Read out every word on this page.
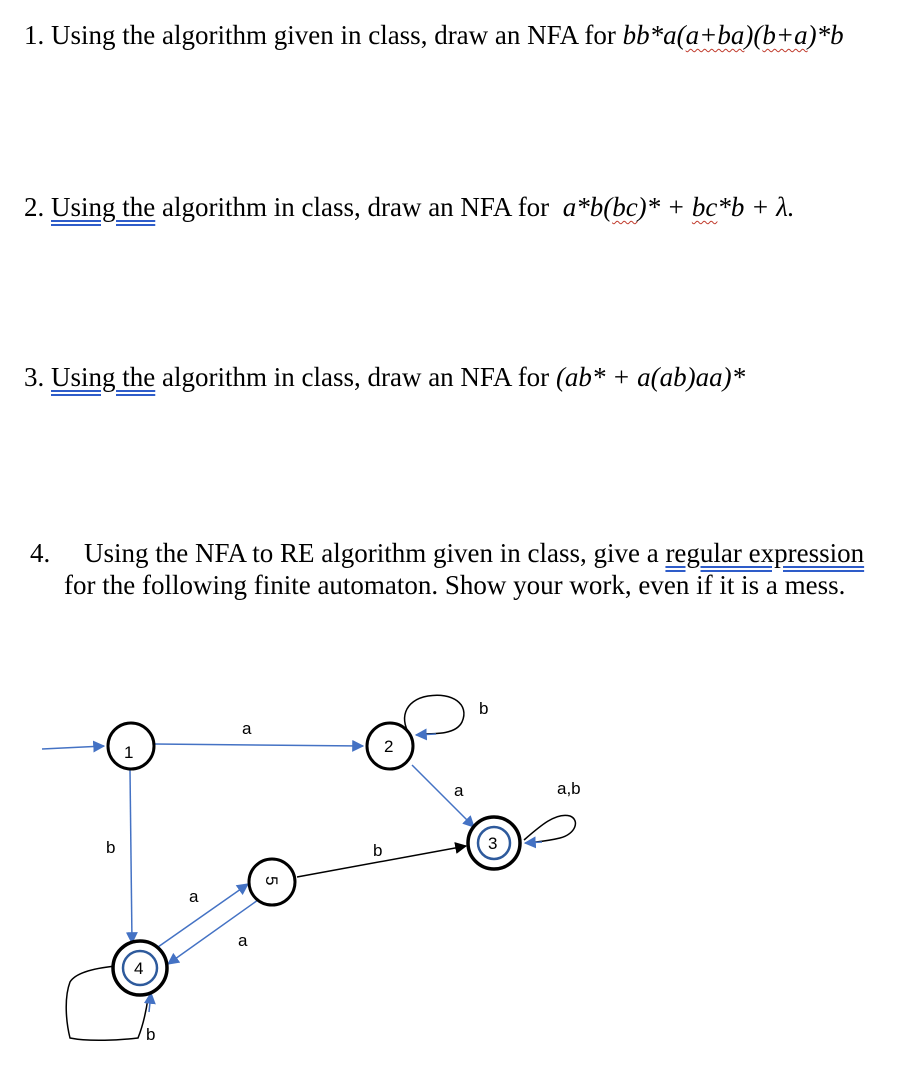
1. Using the algorithm given in class, draw an NFA for bb*a(a+ba)(b+a)*b
2. Using the algorithm in class, draw an NFA for a*b(bc)* + bc*b + λ.
3. Using the algorithm in class, draw an NFA for (ab* + a(ab)aa)*
4. Using the NFA to RE algorithm given in class, give a regular expression
for the following finite automaton. Show your work, even if it is a mess.
a
b
a	a,b
b	b
a
a
b
1	2
3
5
4
